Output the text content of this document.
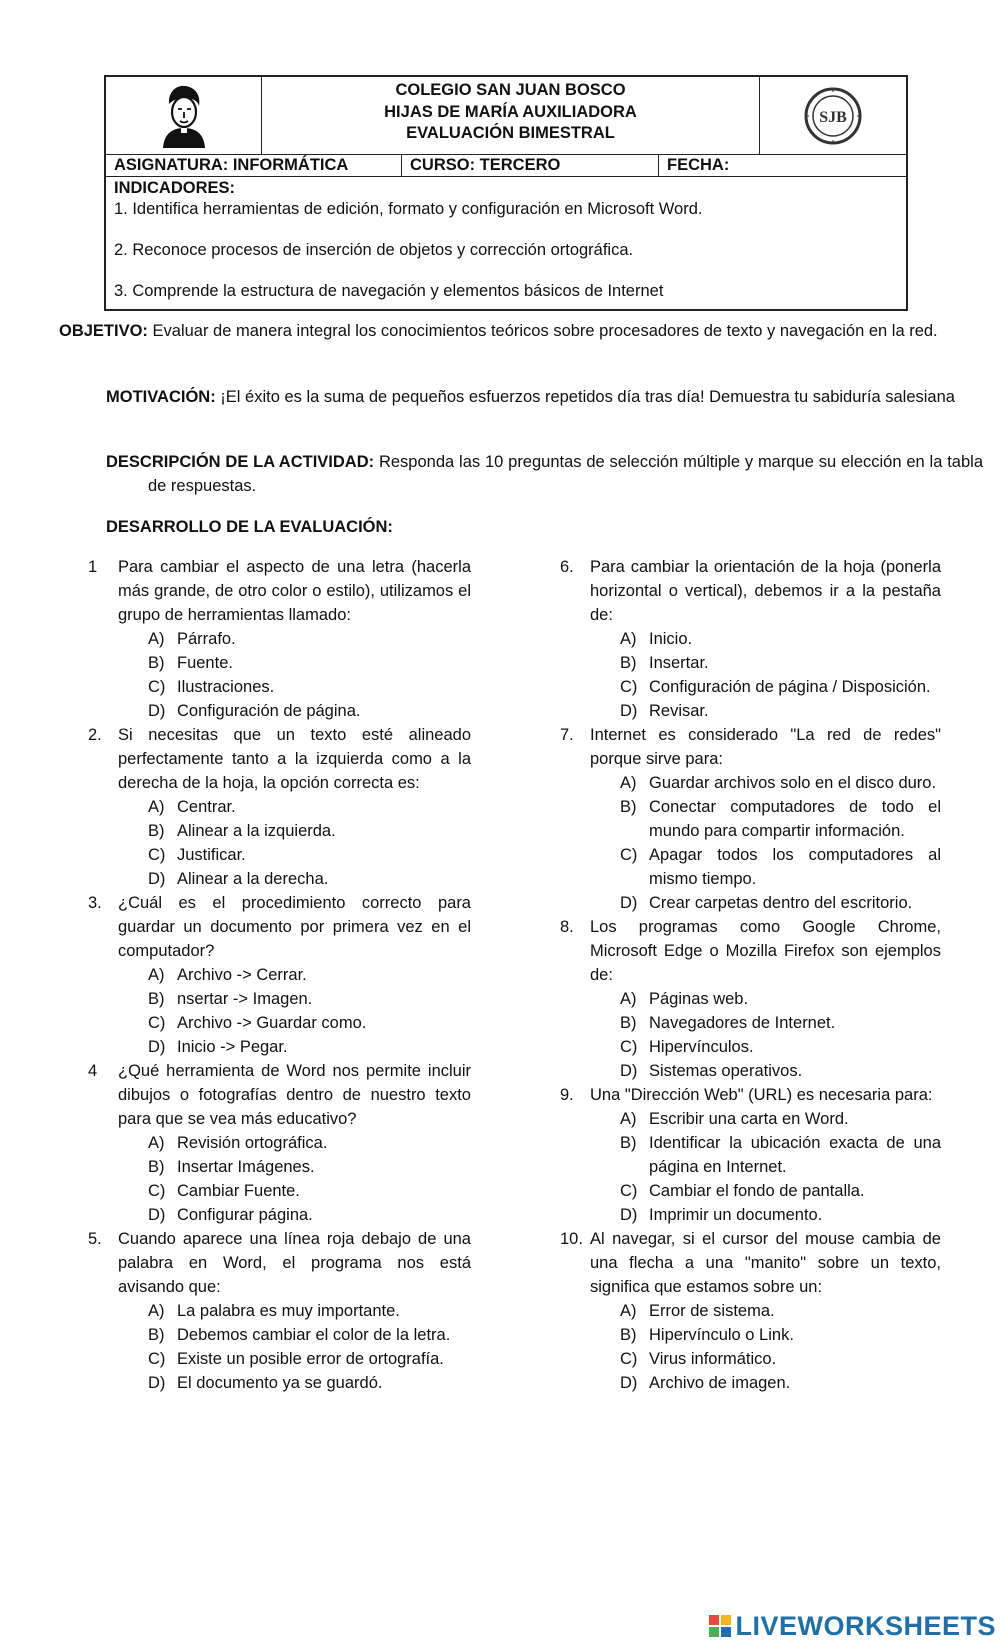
COLEGIO SAN JUAN BOSCO
HIJAS DE MARÍA AUXILIADORA
EVALUACIÓN BIMESTRAL
SJB
ASIGNATURA: INFORMÁTICA	CURSO: TERCERO	FECHA:
INDICADORES:
1. Identifica herramientas de edición, formato y configuración en Microsoft Word.
2. Reconoce procesos de inserción de objetos y corrección ortográfica.
3. Comprende la estructura de navegación y elementos básicos de Internet
OBJETIVO: Evaluar de manera integral los conocimientos teóricos sobre procesadores de texto y navegación en la red.
MOTIVACIÓN: ¡El éxito es la suma de pequeños esfuerzos repetidos día tras día! Demuestra tu sabiduría salesiana
DESCRIPCIÓN DE LA ACTIVIDAD: Responda las 10 preguntas de selección múltiple y marque su elección en la tabla de respuestas.
DESARROLLO DE LA EVALUACIÓN:
1	Para cambiar el aspecto de una letra (hacerla más grande, de otro color o estilo), utilizamos el grupo de herramientas llamado:
A) Párrafo.
B) Fuente.
C) Ilustraciones.
D) Configuración de página.
2. Si necesitas que un texto esté alineado perfectamente tanto a la izquierda como a la derecha de la hoja, la opción correcta es:
A) Centrar.
B) Alinear a la izquierda.
C) Justificar.
D) Alinear a la derecha.
3. ¿Cuál es el procedimiento correcto para guardar un documento por primera vez en el computador?
A) Archivo -> Cerrar.
B) nsertar -> Imagen.
C) Archivo -> Guardar como.
D) Inicio -> Pegar.
4	¿Qué herramienta de Word nos permite incluir dibujos o fotografías dentro de nuestro texto para que se vea más educativo?
A) Revisión ortográfica.
B) Insertar Imágenes.
C) Cambiar Fuente.
D) Configurar página.
5. Cuando aparece una línea roja debajo de una palabra en Word, el programa nos está avisando que:
A) La palabra es muy importante.
B) Debemos cambiar el color de la letra.
C) Existe un posible error de ortografía.
D) El documento ya se guardó.
6. Para cambiar la orientación de la hoja (ponerla horizontal o vertical), debemos ir a la pestaña de:
A) Inicio.
B) Insertar.
C) Configuración de página / Disposición.
D) Revisar.
7. Internet es considerado "La red de redes" porque sirve para:
A) Guardar archivos solo en el disco duro.
B) Conectar computadores de todo el mundo para compartir información.
C) Apagar todos los computadores al mismo tiempo.
D) Crear carpetas dentro del escritorio.
8. Los programas como Google Chrome, Microsoft Edge o Mozilla Firefox son ejemplos de:
A) Páginas web.
B) Navegadores de Internet.
C) Hipervínculos.
D) Sistemas operativos.
9. Una "Dirección Web" (URL) es necesaria para:
A) Escribir una carta en Word.
B) Identificar la ubicación exacta de una página en Internet.
C) Cambiar el fondo de pantalla.
D) Imprimir un documento.
10. Al navegar, si el cursor del mouse cambia de una flecha a una "manito" sobre un texto, significa que estamos sobre un:
A) Error de sistema.
B) Hipervínculo o Link.
C) Virus informático.
D) Archivo de imagen.
LIVEWORKSHEETS
